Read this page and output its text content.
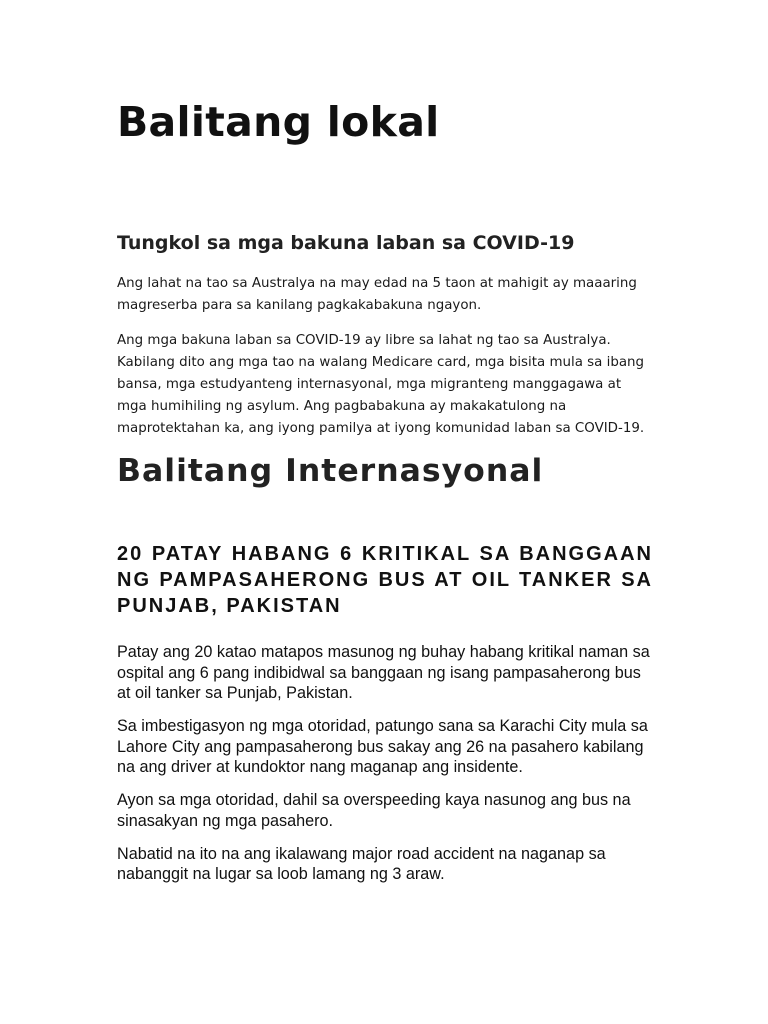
Balitang lokal
Tungkol sa mga bakuna laban sa COVID-19

Ang lahat na tao sa Australya na may edad na 5 taon at mahigit ay maaaring magreserba para sa kanilang pagkakabakuna ngayon.

Ang mga bakuna laban sa COVID-19 ay libre sa lahat ng tao sa Australya. Kabilang dito ang mga tao na walang Medicare card, mga bisita mula sa ibang bansa, mga estudyanteng internasyonal, mga migranteng manggagawa at mga humihiling ng asylum. Ang pagbabakuna ay makakatulong na maprotektahan ka, ang iyong pamilya at iyong komunidad laban sa COVID-19.

Balitang Internasyonal
20 PATAY HABANG 6 KRITIKAL SA BANGGAAN NG PAMPASAHERONG BUS AT OIL TANKER SA PUNJAB, PAKISTAN

Patay ang 20 katao matapos masunog ng buhay habang kritikal naman sa ospital ang 6 pang indibidwal sa banggaan ng isang pampasaherong bus at oil tanker sa Punjab, Pakistan.

Sa imbestigasyon ng mga otoridad, patungo sana sa Karachi City mula sa Lahore City ang pampasaherong bus sakay ang 26 na pasahero kabilang na ang driver at kundoktor nang maganap ang insidente.

Ayon sa mga otoridad, dahil sa overspeeding kaya nasunog ang bus na sinasakyan ng mga pasahero.

Nabatid na ito na ang ikalawang major road accident na naganap sa nabanggit na lugar sa loob lamang ng 3 araw.
